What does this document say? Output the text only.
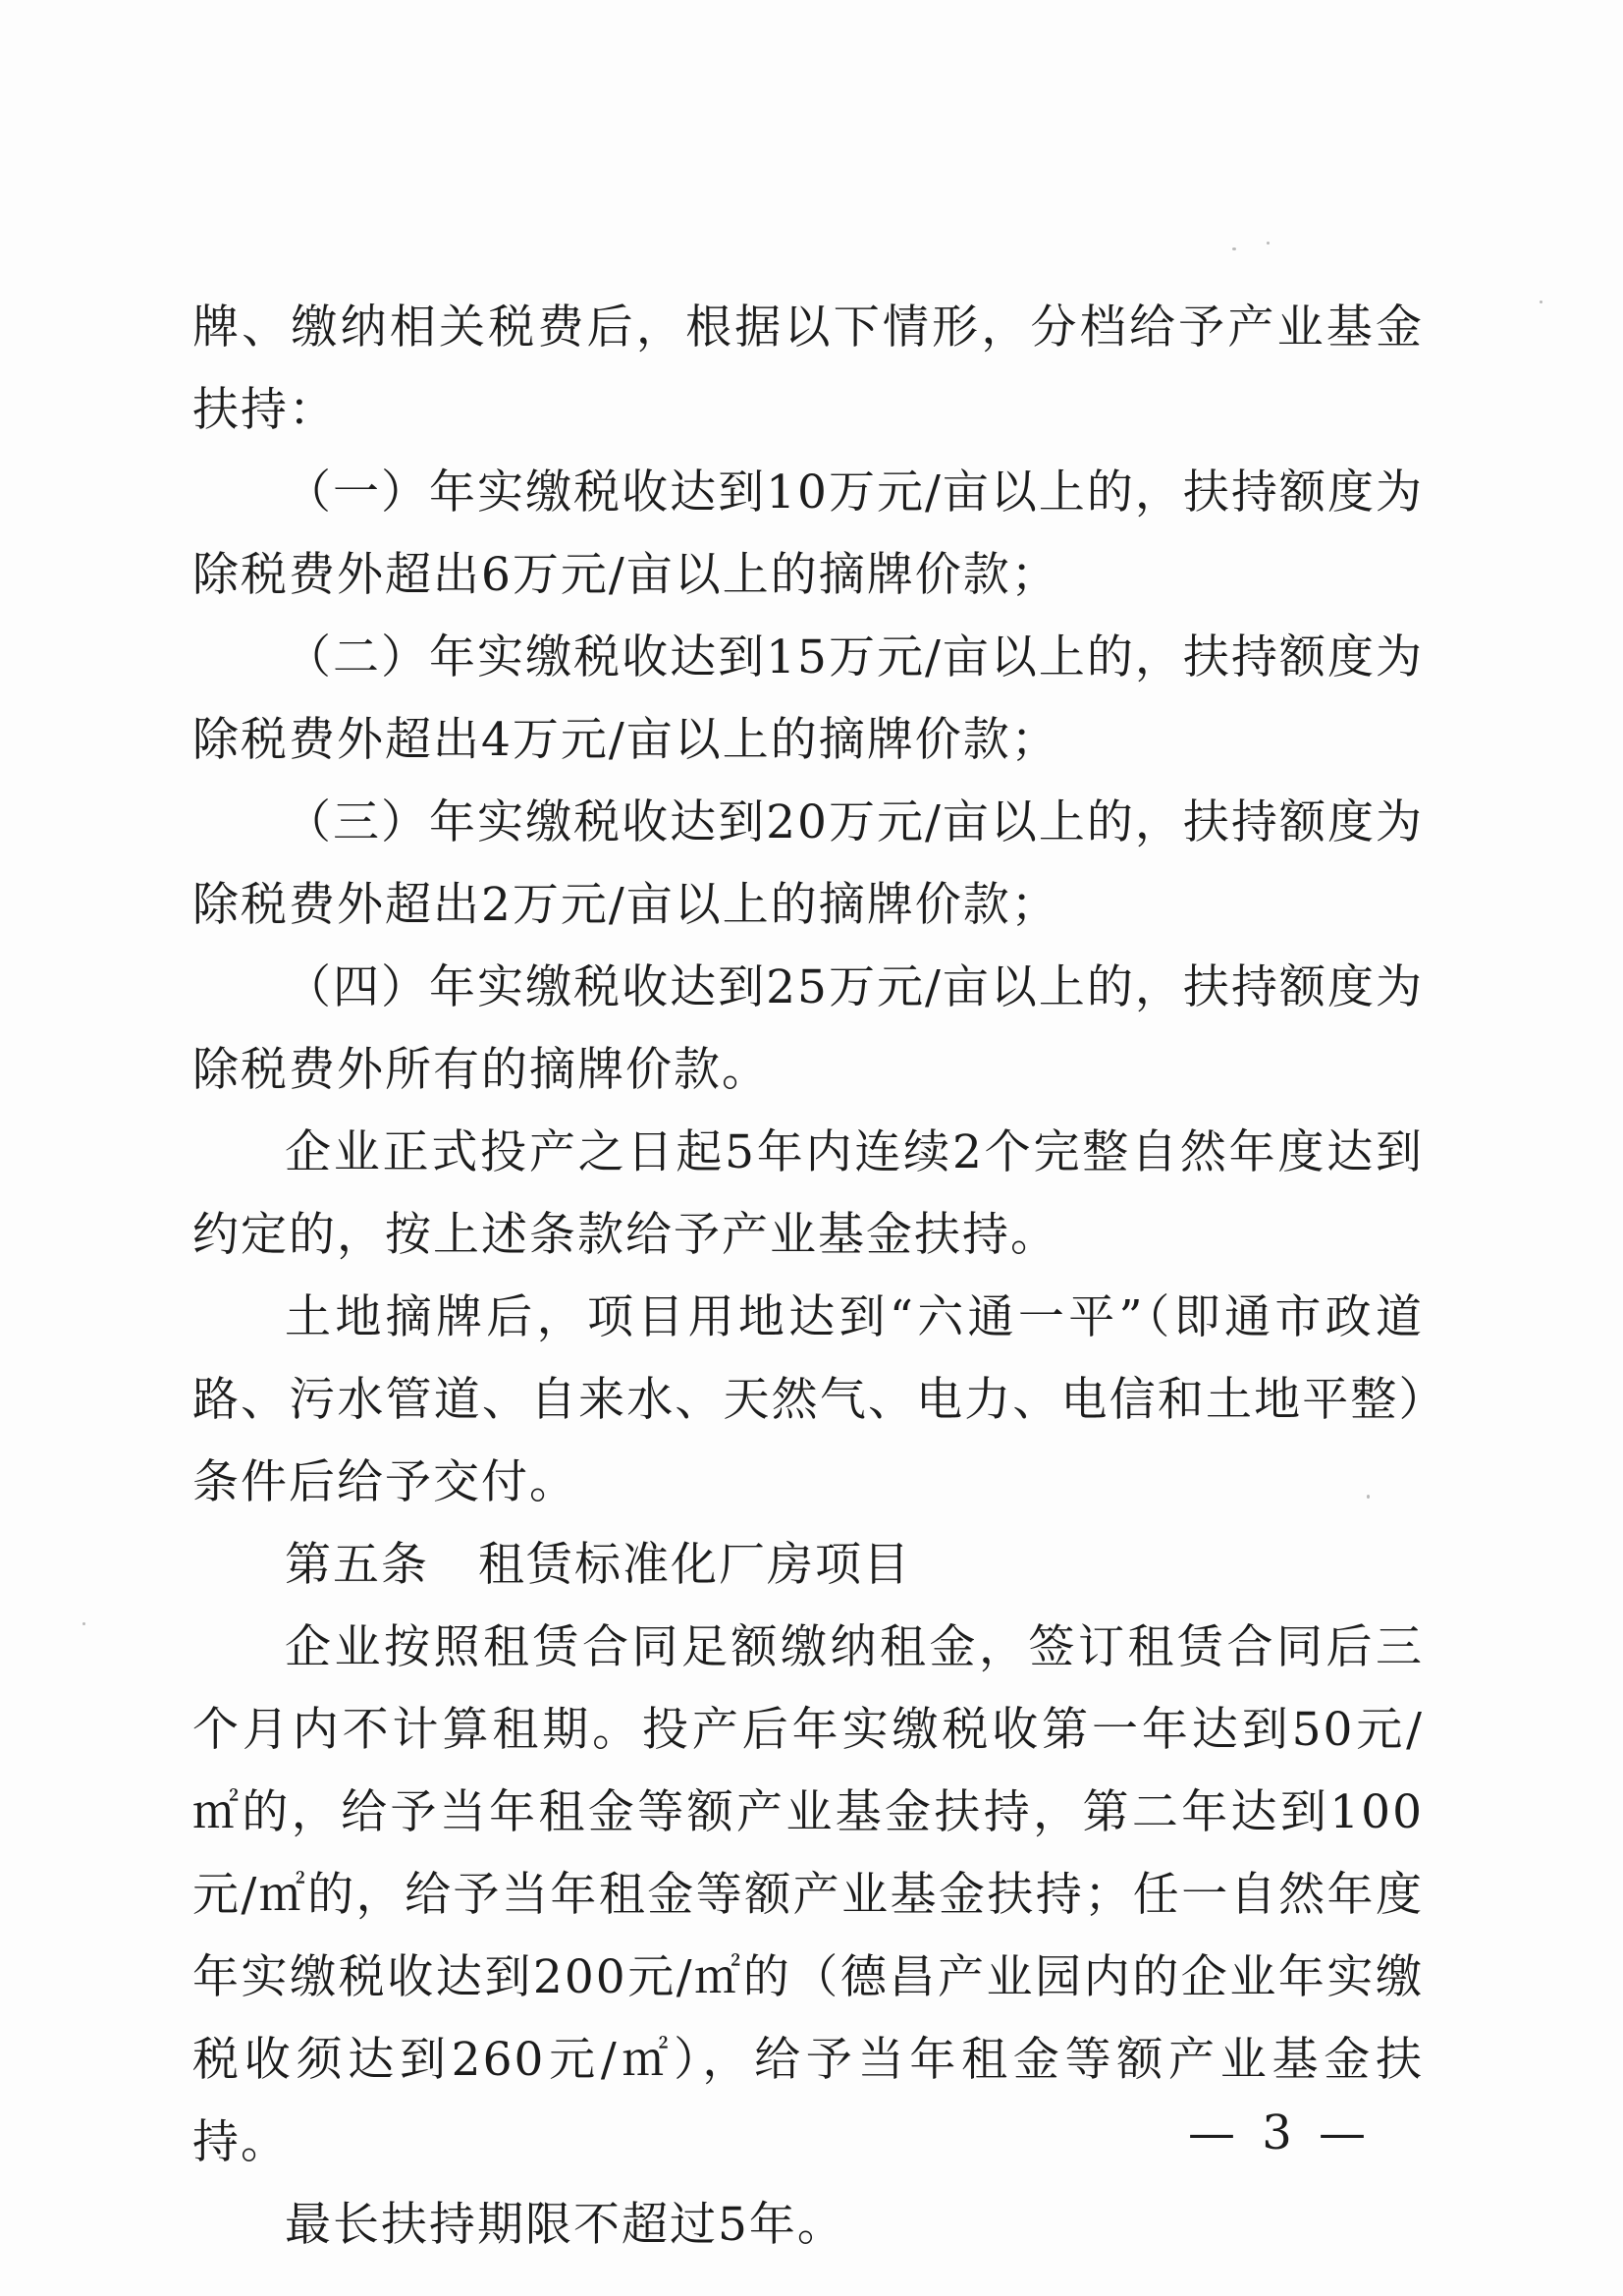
牌、缴纳相关税费后，根据以下情形，分档给予产业基金扶持：

（一）年实缴税收达到10万元/亩以上的，扶持额度为除税费外超出6万元/亩以上的摘牌价款；

（二）年实缴税收达到15万元/亩以上的，扶持额度为除税费外超出4万元/亩以上的摘牌价款；

（三）年实缴税收达到20万元/亩以上的，扶持额度为除税费外超出2万元/亩以上的摘牌价款；

（四）年实缴税收达到25万元/亩以上的，扶持额度为除税费外所有的摘牌价款。

企业正式投产之日起5年内连续2个完整自然年度达到约定的，按上述条款给予产业基金扶持。

土地摘牌后，项目用地达到“六通一平”（即通市政道路、污水管道、自来水、天然气、电力、电信和土地平整）条件后给予交付。

第五条 租赁标准化厂房项目

企业按照租赁合同足额缴纳租金，签订租赁合同后三个月内不计算租期。投产后年实缴税收第一年达到50元/㎡的，给予当年租金等额产业基金扶持，第二年达到100元/㎡的，给予当年租金等额产业基金扶持；任一自然年度年实缴税收达到200元/㎡的（德昌产业园内的企业年实缴税收须达到260元/㎡），给予当年租金等额产业基金扶持。

最长扶持期限不超过5年。

— 3 —
